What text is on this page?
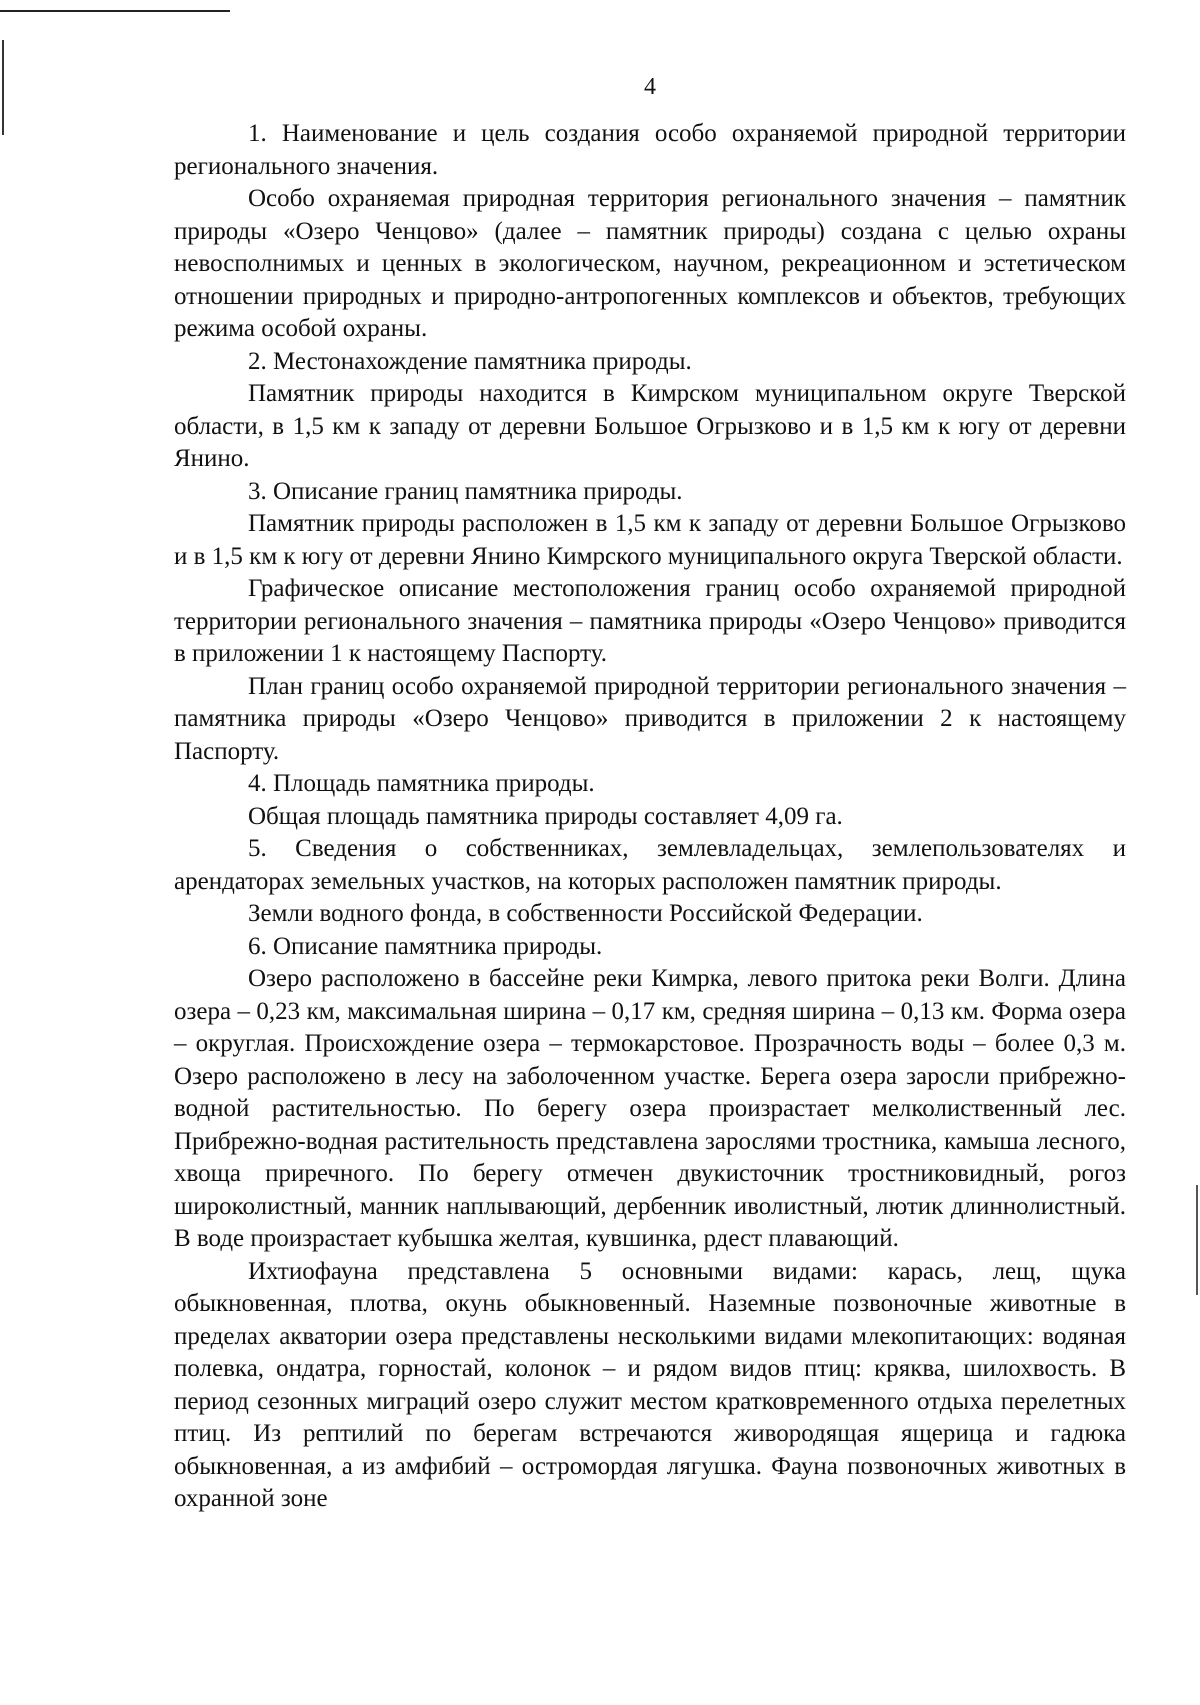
4

1. Наименование и цель создания особо охраняемой природной территории регионального значения.

Особо охраняемая природная территория регионального значения – памятник природы «Озеро Ченцово» (далее – памятник природы) создана с целью охраны невосполнимых и ценных в экологическом, научном, рекреационном и эстетическом отношении природных и природно-антропогенных комплексов и объектов, требующих режима особой охраны.

2. Местонахождение памятника природы.

Памятник природы находится в Кимрском муниципальном округе Тверской области, в 1,5 км к западу от деревни Большое Огрызково и в 1,5 км к югу от деревни Янино.

3. Описание границ памятника природы.

Памятник природы расположен в 1,5 км к западу от деревни Большое Огрызково и в 1,5 км к югу от деревни Янино Кимрского муниципального округа Тверской области.

Графическое описание местоположения границ особо охраняемой природной территории регионального значения – памятника природы «Озеро Ченцово» приводится в приложении 1 к настоящему Паспорту.

План границ особо охраняемой природной территории регионального значения – памятника природы «Озеро Ченцово» приводится в приложении 2 к настоящему Паспорту.

4. Площадь памятника природы.

Общая площадь памятника природы составляет 4,09 га.

5. Сведения о собственниках, землевладельцах, землепользователях и арендаторах земельных участков, на которых расположен памятник природы.

Земли водного фонда, в собственности Российской Федерации.

6. Описание памятника природы.

Озеро расположено в бассейне реки Кимрка, левого притока реки Волги. Длина озера – 0,23 км, максимальная ширина – 0,17 км, средняя ширина – 0,13 км. Форма озера – округлая. Происхождение озера – термокарстовое. Прозрачность воды – более 0,3 м. Озеро расположено в лесу на заболоченном участке. Берега озера заросли прибрежно-водной растительностью. По берегу озера произрастает мелколиственный лес. Прибрежно-водная растительность представлена зарослями тростника, камыша лесного, хвоща приречного. По берегу отмечен двукисточник тростниковидный, рогоз широколистный, манник наплывающий, дербенник иволистный, лютик длиннолистный. В воде произрастает кубышка желтая, кувшинка, рдест плавающий.

Ихтиофауна представлена 5 основными видами: карась, лещ, щука обыкновенная, плотва, окунь обыкновенный. Наземные позвоночные животные в пределах акватории озера представлены несколькими видами млекопитающих: водяная полевка, ондатра, горностай, колонок – и рядом видов птиц: кряква, шилохвость. В период сезонных миграций озеро служит местом кратковременного отдыха перелетных птиц. Из рептилий по берегам встречаются живородящая ящерица и гадюка обыкновенная, а из амфибий – остромордая лягушка. Фауна позвоночных животных в охранной зоне
